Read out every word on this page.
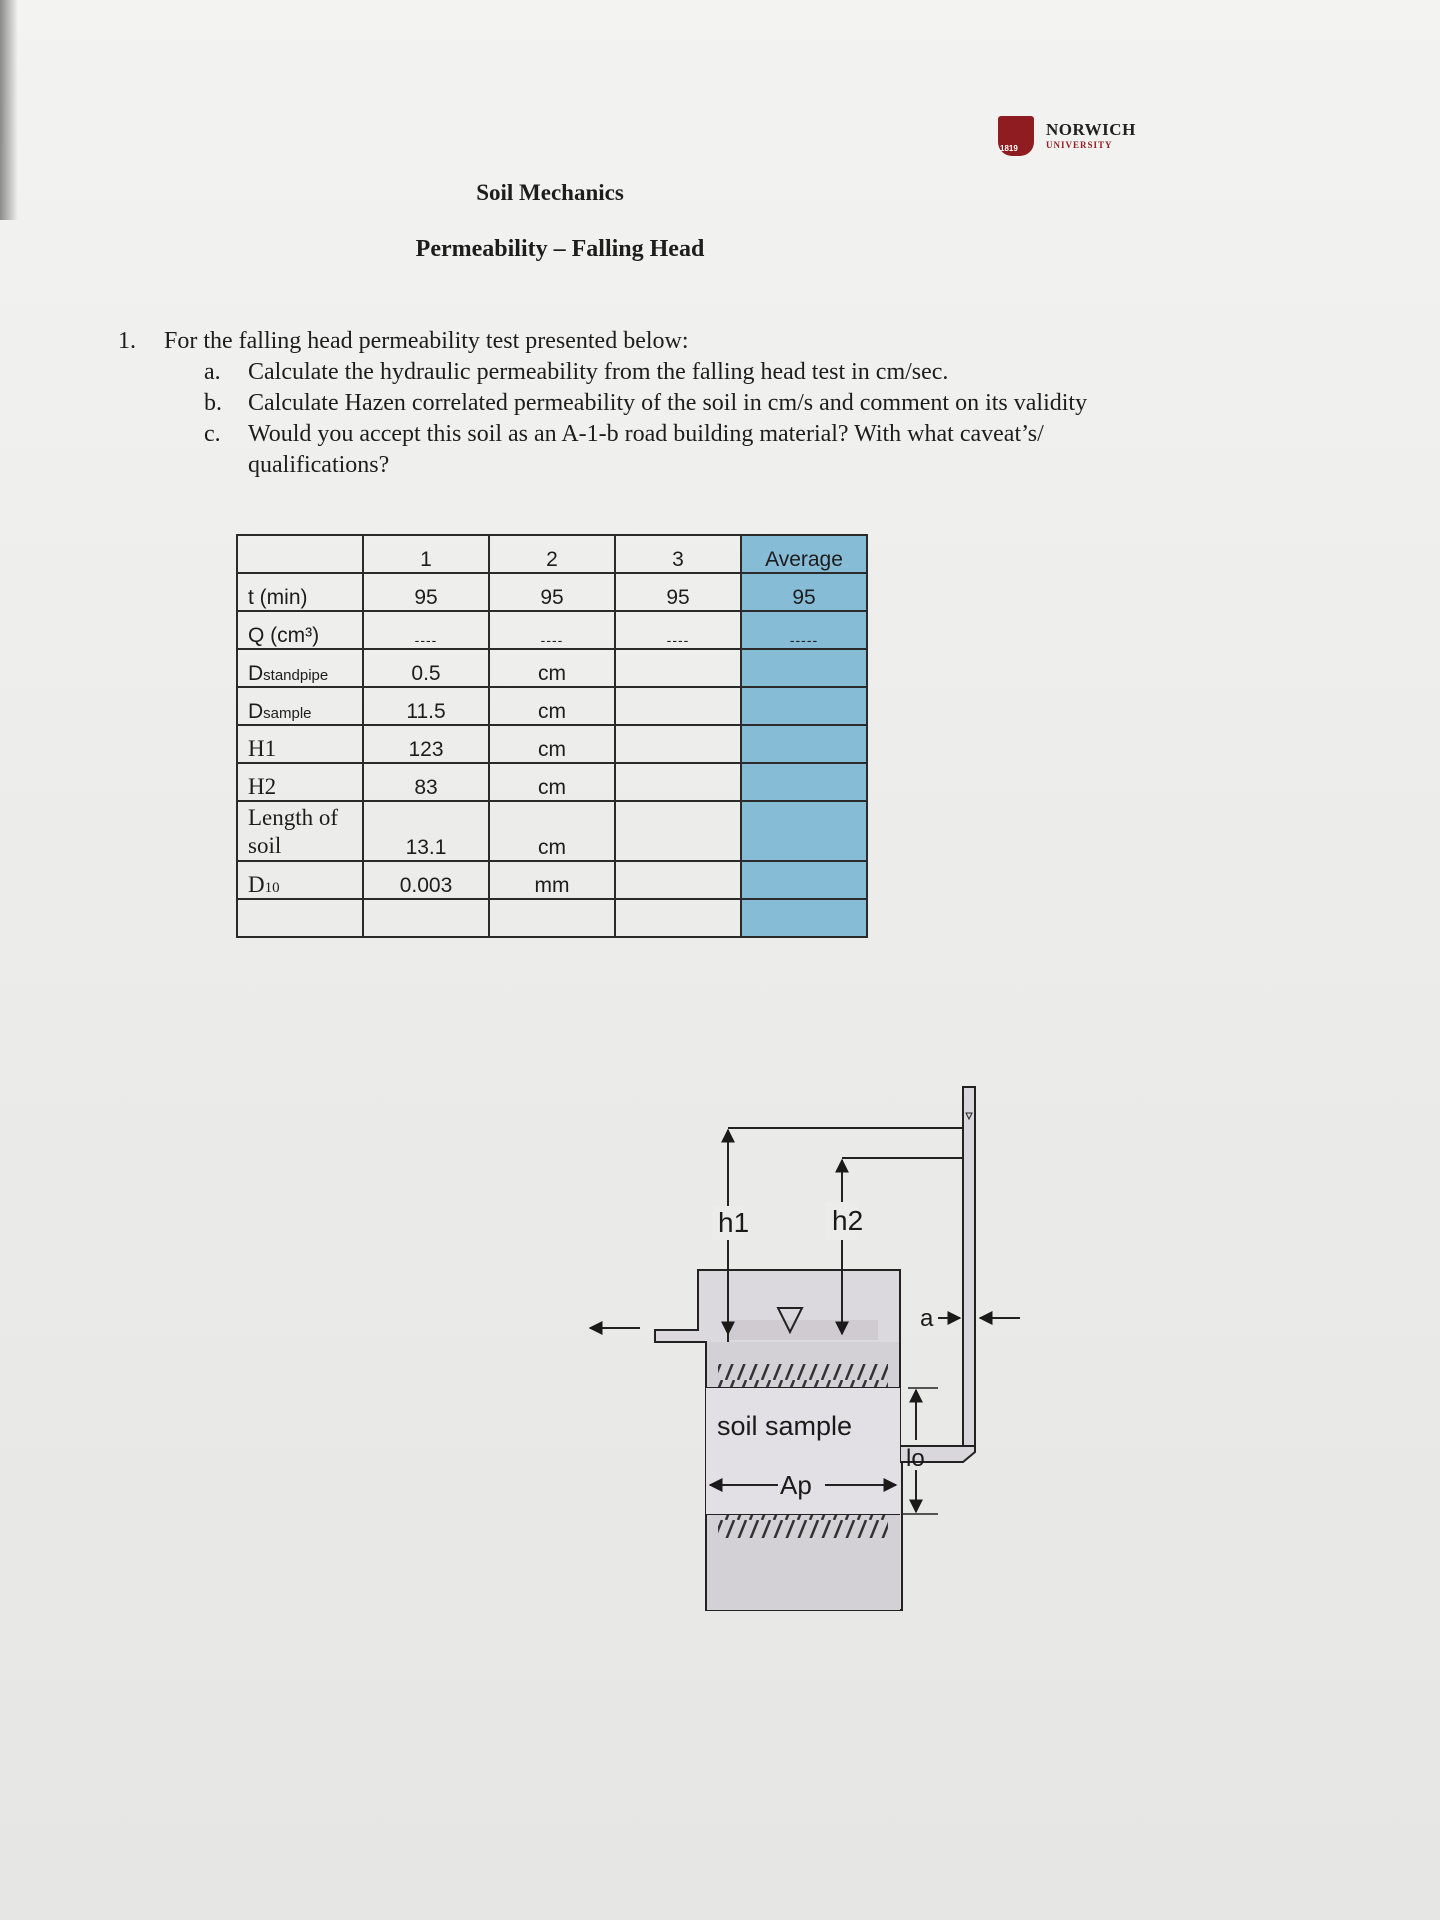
1819
NORWICH
UNIVERSITY
Soil Mechanics
Permeability – Falling Head
1. For the falling head permeability test presented below:
a. Calculate the hydraulic permeability from the falling head test in cm/sec.
b. Calculate Hazen correlated permeability of the soil in cm/s and comment on its validity
c. Would you accept this soil as an A-1-b road building material? With what caveat’s/
qualifications?
	1	2	3	Average
t (min)	95	95	95	95
Q (cm³)	----	----	----	-----
Dstandpipe	0.5	cm		
Dsample	11.5	cm		
H1	123	cm		
H2	83	cm		
Length of soil	13.1	cm		
D10	0.003	mm		

soil sample
Ap
h1	h2
a
lo
